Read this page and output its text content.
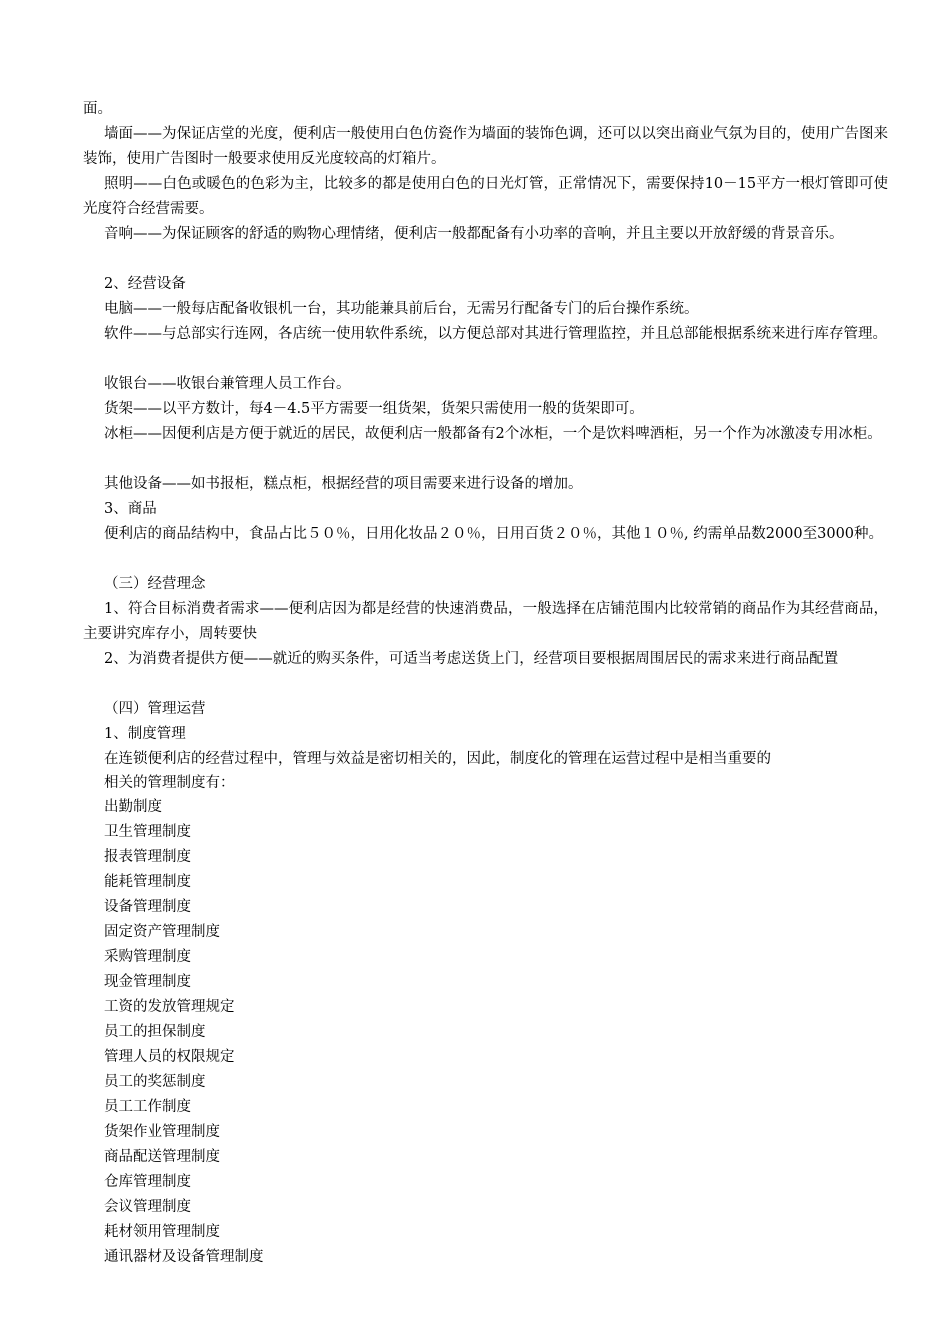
面。

墙面——为保证店堂的光度，便利店一般使用白色仿瓷作为墙面的装饰色调，还可以以突出商业气氛为目的，使用广告图来装饰，使用广告图时一般要求使用反光度较高的灯箱片。

照明——白色或暖色的色彩为主，比较多的都是使用白色的日光灯管，正常情况下，需要保持10－15平方一根灯管即可使光度符合经营需要。

音响——为保证顾客的舒适的购物心理情绪，便利店一般都配备有小功率的音响，并且主要以开放舒缓的背景音乐。

2、经营设备

电脑——一般每店配备收银机一台，其功能兼具前后台，无需另行配备专门的后台操作系统。

软件——与总部实行连网，各店统一使用软件系统，以方便总部对其进行管理监控，并且总部能根据系统来进行库存管理。

收银台——收银台兼管理人员工作台。

货架——以平方数计，每4－4.5平方需要一组货架，货架只需使用一般的货架即可。

冰柜——因便利店是方便于就近的居民，故便利店一般都备有2个冰柜，一个是饮料啤酒柜，另一个作为冰激凌专用冰柜。

其他设备——如书报柜，糕点柜，根据经营的项目需要来进行设备的增加。

3、商品

便利店的商品结构中，食品占比５０％，日用化妆品２０％，日用百货２０％，其他１０％, 约需单品数2000至3000种。

（三）经营理念

1、符合目标消费者需求——便利店因为都是经营的快速消费品，一般选择在店铺范围内比较常销的商品作为其经营商品，主要讲究库存小，周转要快

2、为消费者提供方便——就近的购买条件，可适当考虑送货上门，经营项目要根据周围居民的需求来进行商品配置

（四）管理运营

1、制度管理

在连锁便利店的经营过程中，管理与效益是密切相关的，因此，制度化的管理在运营过程中是相当重要的

相关的管理制度有：

出勤制度
卫生管理制度
报表管理制度
能耗管理制度
设备管理制度
固定资产管理制度
采购管理制度
现金管理制度
工资的发放管理规定
员工的担保制度
管理人员的权限规定
员工的奖惩制度
员工工作制度
货架作业管理制度
商品配送管理制度
仓库管理制度
会议管理制度
耗材领用管理制度
通讯器材及设备管理制度
